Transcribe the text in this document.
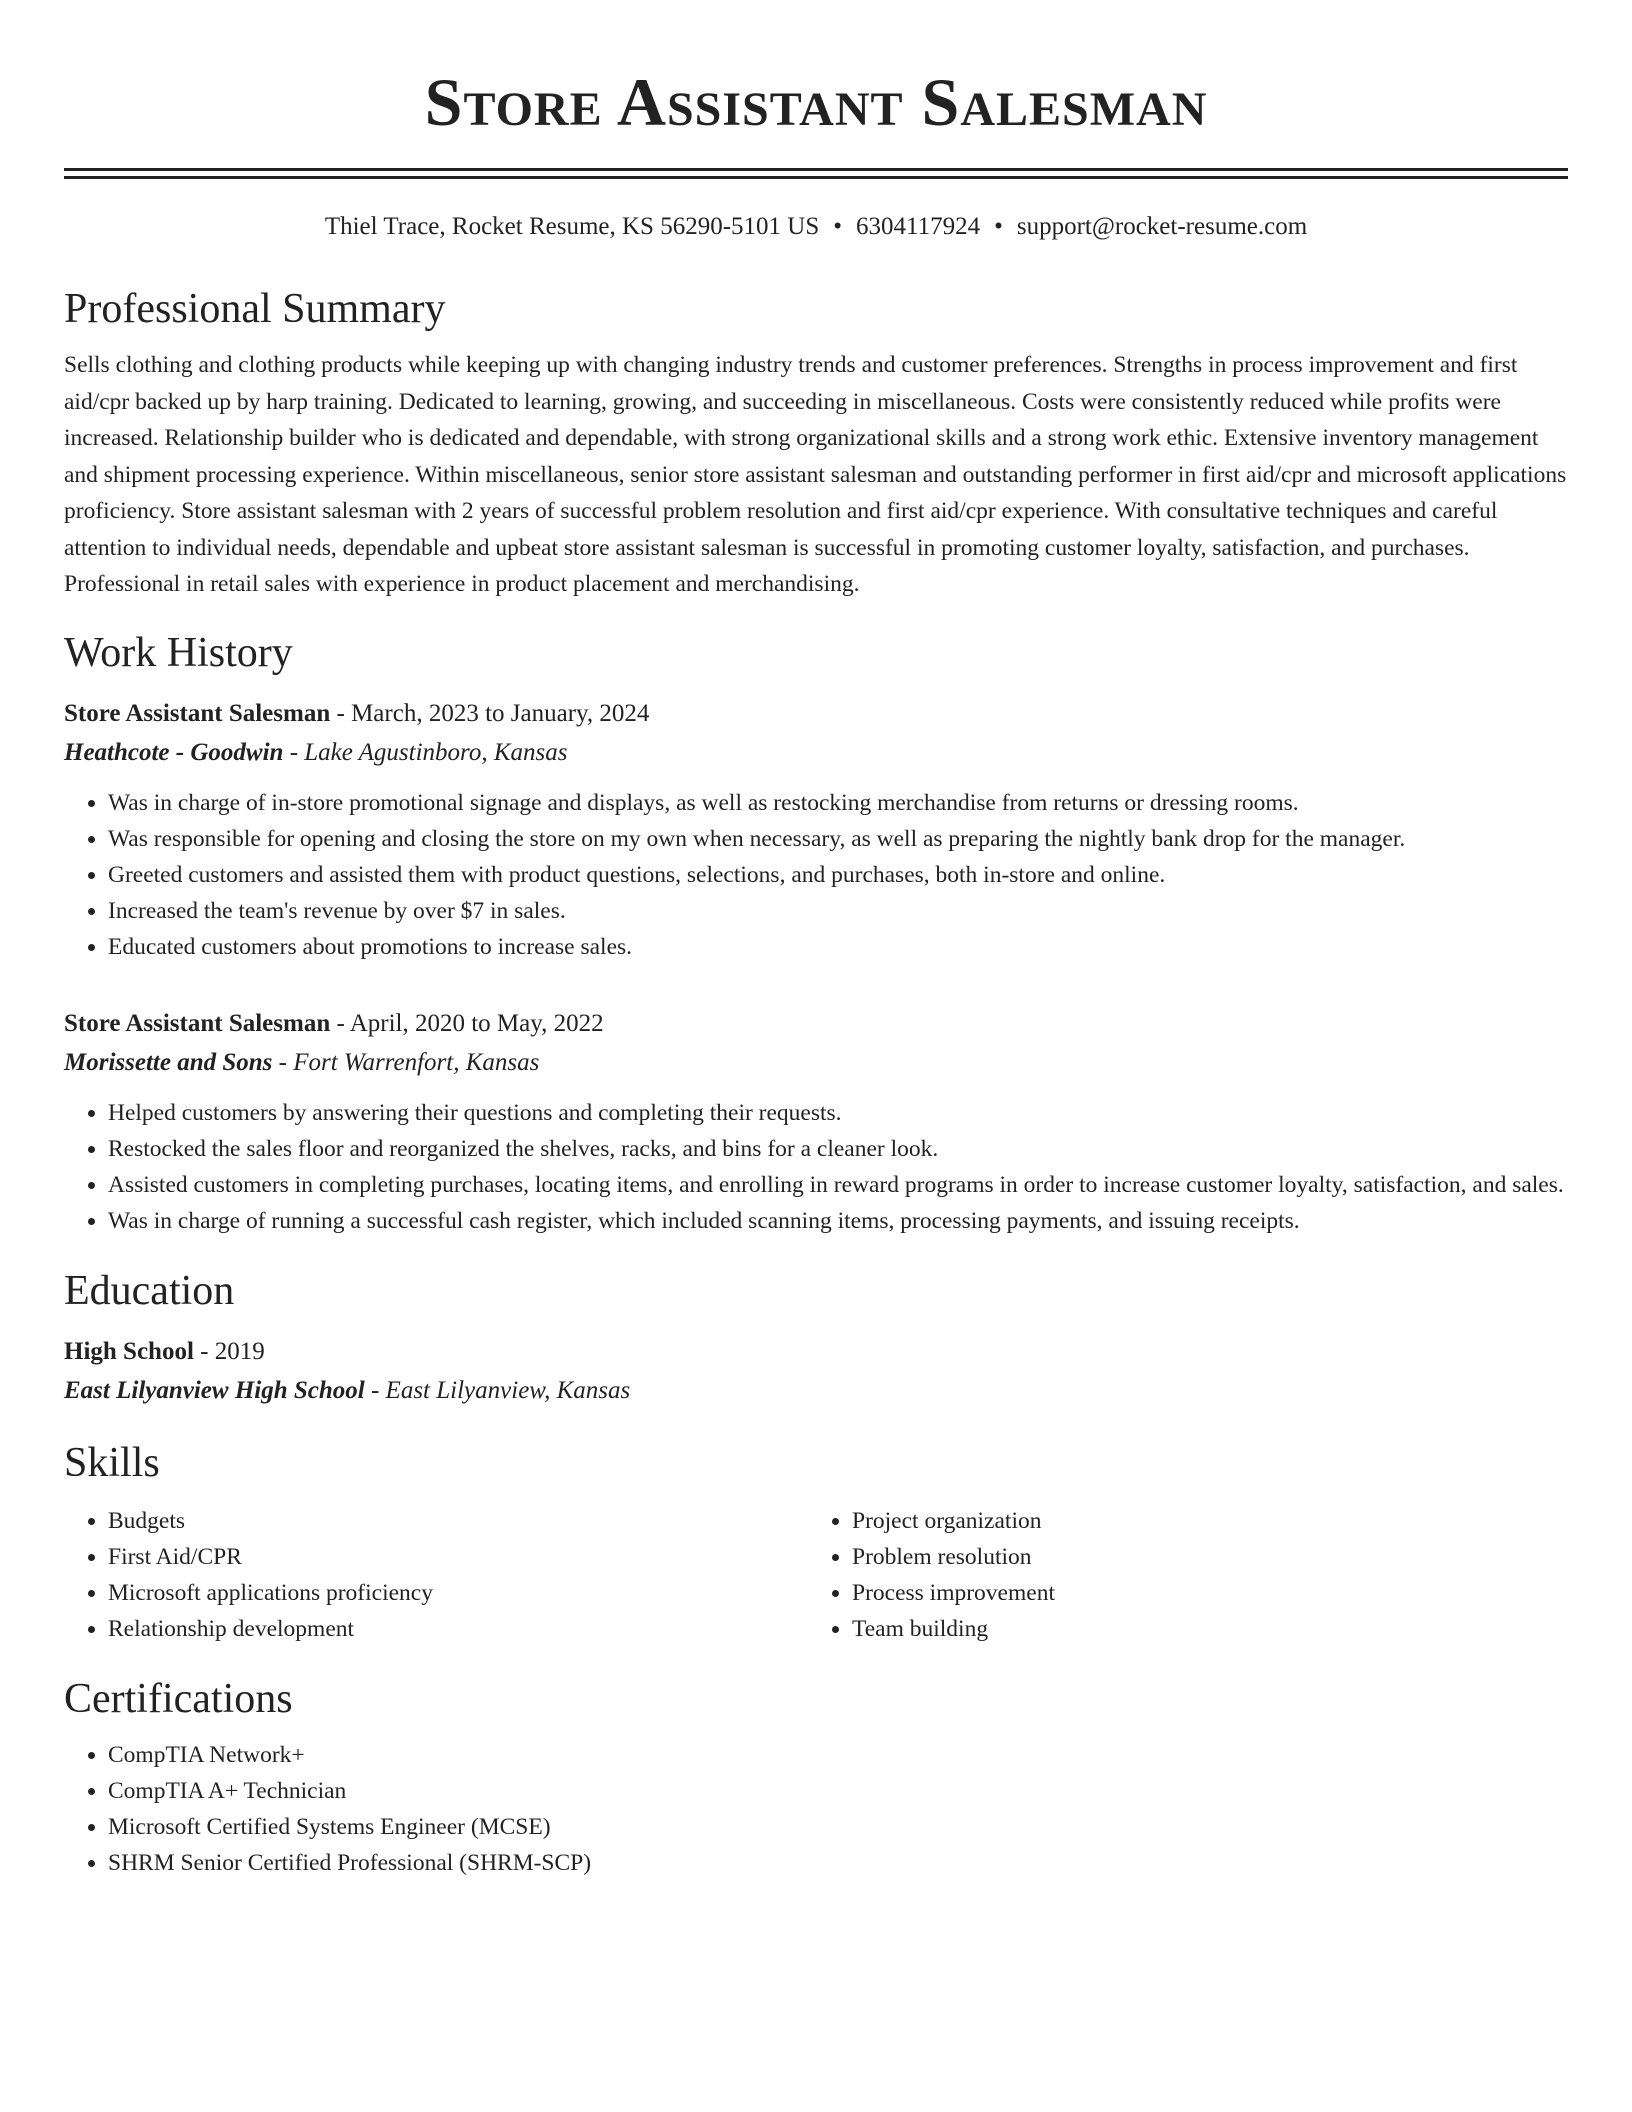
Store Assistant Salesman
Thiel Trace, Rocket Resume, KS 56290-5101 US • 6304117924 • support@rocket-resume.com
Professional Summary

Sells clothing and clothing products while keeping up with changing industry trends and customer preferences. Strengths in process improvement and first aid/cpr backed up by harp training. Dedicated to learning, growing, and succeeding in miscellaneous. Costs were consistently reduced while profits were increased. Relationship builder who is dedicated and dependable, with strong organizational skills and a strong work ethic. Extensive inventory management and shipment processing experience. Within miscellaneous, senior store assistant salesman and outstanding performer in first aid/cpr and microsoft applications proficiency. Store assistant salesman with 2 years of successful problem resolution and first aid/cpr experience. With consultative techniques and careful attention to individual needs, dependable and upbeat store assistant salesman is successful in promoting customer loyalty, satisfaction, and purchases. Professional in retail sales with experience in product placement and merchandising.

Work History
Store Assistant Salesman - March, 2023 to January, 2024
Heathcote - Goodwin - Lake Agustinboro, Kansas
• Was in charge of in-store promotional signage and displays, as well as restocking merchandise from returns or dressing rooms.
• Was responsible for opening and closing the store on my own when necessary, as well as preparing the nightly bank drop for the manager.
• Greeted customers and assisted them with product questions, selections, and purchases, both in-store and online.
• Increased the team's revenue by over $7 in sales.
• Educated customers about promotions to increase sales.
Store Assistant Salesman - April, 2020 to May, 2022
Morissette and Sons - Fort Warrenfort, Kansas
• Helped customers by answering their questions and completing their requests.
• Restocked the sales floor and reorganized the shelves, racks, and bins for a cleaner look.
• Assisted customers in completing purchases, locating items, and enrolling in reward programs in order to increase customer loyalty, satisfaction, and sales.
• Was in charge of running a successful cash register, which included scanning items, processing payments, and issuing receipts.
Education
High School - 2019
East Lilyanview High School - East Lilyanview, Kansas
Skills
• Budgets
• First Aid/CPR
• Microsoft applications proficiency
• Relationship development
• Project organization
• Problem resolution
• Process improvement
• Team building
Certifications
• CompTIA Network+
• CompTIA A+ Technician
• Microsoft Certified Systems Engineer (MCSE)
• SHRM Senior Certified Professional (SHRM-SCP)
